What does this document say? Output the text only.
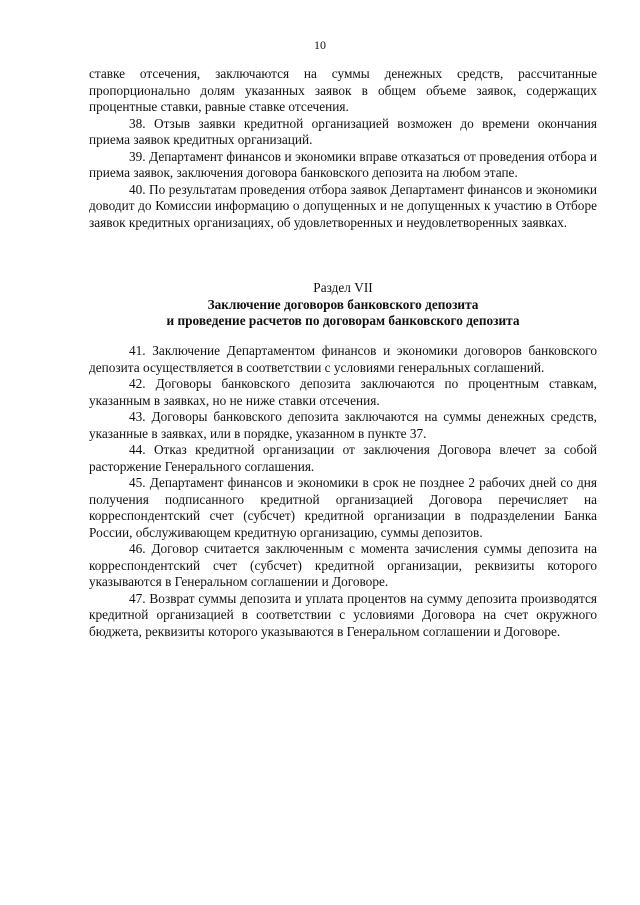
10

ставке отсечения, заключаются на суммы денежных средств, рассчитанные пропорционально долям указанных заявок в общем объеме заявок, содержащих процентные ставки, равные ставке отсечения.

38. Отзыв заявки кредитной организацией возможен до времени окончания приема заявок кредитных организаций.

39. Департамент финансов и экономики вправе отказаться от проведения отбора и приема заявок, заключения договора банковского депозита на любом этапе.

40. По результатам проведения отбора заявок Департамент финансов и экономики доводит до Комиссии информацию о допущенных и не допущенных к участию в Отборе заявок кредитных организациях, об удовлетворенных и неудовлетворенных заявках.

Раздел VII

Заключение договоров банковского депозита

и проведение расчетов по договорам банковского депозита

41. Заключение Департаментом финансов и экономики договоров банковского депозита осуществляется в соответствии с условиями генеральных соглашений.

42. Договоры банковского депозита заключаются по процентным ставкам, указанным в заявках, но не ниже ставки отсечения.

43. Договоры банковского депозита заключаются на суммы денежных средств, указанные в заявках, или в порядке, указанном в пункте 37.

44. Отказ кредитной организации от заключения Договора влечет за собой расторжение Генерального соглашения.

45. Департамент финансов и экономики в срок не позднее 2 рабочих дней со дня получения подписанного кредитной организацией Договора перечисляет на корреспондентский счет (субсчет) кредитной организации в подразделении Банка России, обслуживающем кредитную организацию, суммы депозитов.

46. Договор считается заключенным с момента зачисления суммы депозита на корреспондентский счет (субсчет) кредитной организации, реквизиты которого указываются в Генеральном соглашении и Договоре.

47. Возврат суммы депозита и уплата процентов на сумму депозита производятся кредитной организацией в соответствии с условиями Договора на счет окружного бюджета, реквизиты которого указываются в Генеральном соглашении и Договоре.
